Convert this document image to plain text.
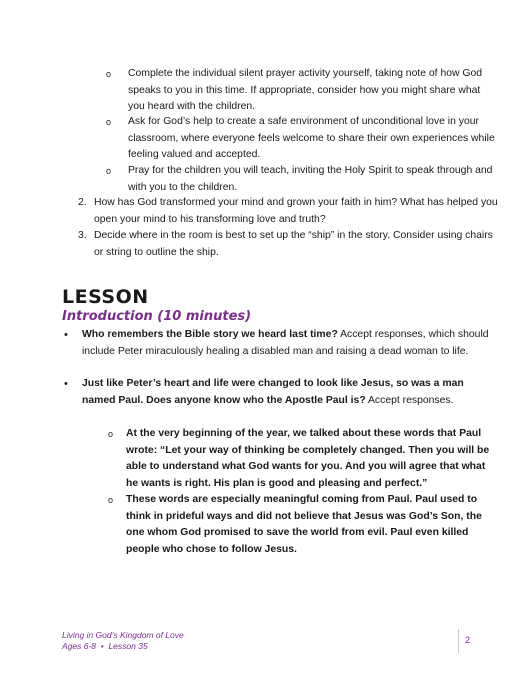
o Complete the individual silent prayer activity yourself, taking note of how God speaks to you in this time. If appropriate, consider how you might share what you heard with the children.
o Ask for God’s help to create a safe environment of unconditional love in your classroom, where everyone feels welcome to share their own experiences while feeling valued and accepted.
o Pray for the children you will teach, inviting the Holy Spirit to speak through and with you to the children.
2. How has God transformed your mind and grown your faith in him? What has helped you open your mind to his transforming love and truth?
3. Decide where in the room is best to set up the “ship” in the story. Consider using chairs or string to outline the ship.
LESSON
Introduction (10 minutes)
• Who remembers the Bible story we heard last time? Accept responses, which should include Peter miraculously healing a disabled man and raising a dead woman to life.
• Just like Peter’s heart and life were changed to look like Jesus, so was a man named Paul. Does anyone know who the Apostle Paul is? Accept responses.
o At the very beginning of the year, we talked about these words that Paul wrote: “Let your way of thinking be completely changed. Then you will be able to understand what God wants for you. And you will agree that what he wants is right. His plan is good and pleasing and perfect.”
o These words are especially meaningful coming from Paul. Paul used to think in prideful ways and did not believe that Jesus was God’s Son, the one whom God promised to save the world from evil. Paul even killed people who chose to follow Jesus.
Living in God’s Kingdom of Love
Ages 6-8  •  Lesson 35
2
